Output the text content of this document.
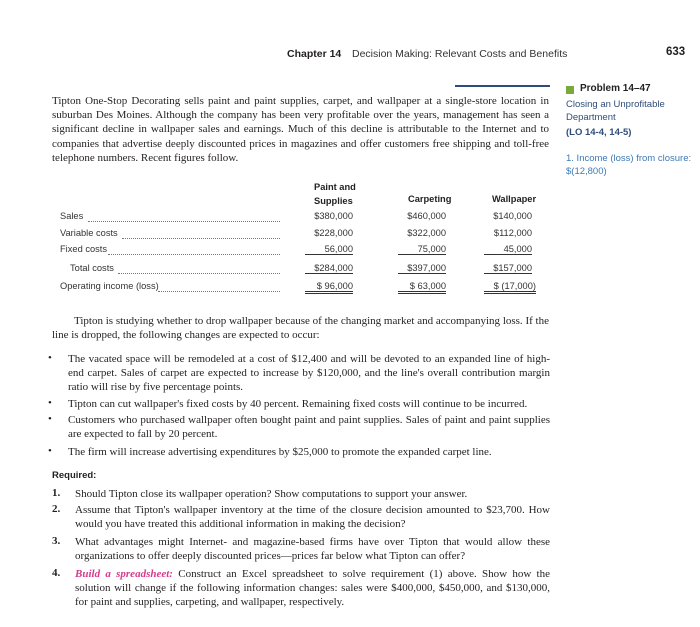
Chapter 14 Decision Making: Relevant Costs and Benefits	633
Problem 14–47
Closing an Unprofitable Department
(LO 14-4, 14-5)
1. Income (loss) from closure: $(12,800)
Tipton One-Stop Decorating sells paint and paint supplies, carpet, and wallpaper at a single-store location in suburban Des Moines. Although the company has been very profitable over the years, management has seen a significant decline in wallpaper sales and earnings. Much of this decline is attributable to the Internet and to companies that advertise deeply discounted prices in magazines and offer customers free shipping and toll-free telephone numbers. Recent figures follow.
Paint and Supplies	Carpeting	Wallpaper
Sales	$380,000	$460,000	$140,000
Variable costs	$228,000	$322,000	$112,000
Fixed costs	56,000	75,000	45,000
Total costs	$284,000	$397,000	$157,000
Operating income (loss)	$ 96,000	$ 63,000	$ (17,000)
Tipton is studying whether to drop wallpaper because of the changing market and accompanying loss. If the line is dropped, the following changes are expected to occur:
• The vacated space will be remodeled at a cost of $12,400 and will be devoted to an expanded line of high-end carpet. Sales of carpet are expected to increase by $120,000, and the line's overall contribution margin ratio will rise by five percentage points.
• Tipton can cut wallpaper's fixed costs by 40 percent. Remaining fixed costs will continue to be incurred.
• Customers who purchased wallpaper often bought paint and paint supplies. Sales of paint and paint supplies are expected to fall by 20 percent.
• The firm will increase advertising expenditures by $25,000 to promote the expanded carpet line.
Required:
1. Should Tipton close its wallpaper operation? Show computations to support your answer.
2. Assume that Tipton's wallpaper inventory at the time of the closure decision amounted to $23,700. How would you have treated this additional information in making the decision?
3. What advantages might Internet- and magazine-based firms have over Tipton that would allow these organizations to offer deeply discounted prices—prices far below what Tipton can offer?
4. Build a spreadsheet: Construct an Excel spreadsheet to solve requirement (1) above. Show how the solution will change if the following information changes: sales were $400,000, $450,000, and $130,000, for paint and supplies, carpeting, and wallpaper, respectively.
